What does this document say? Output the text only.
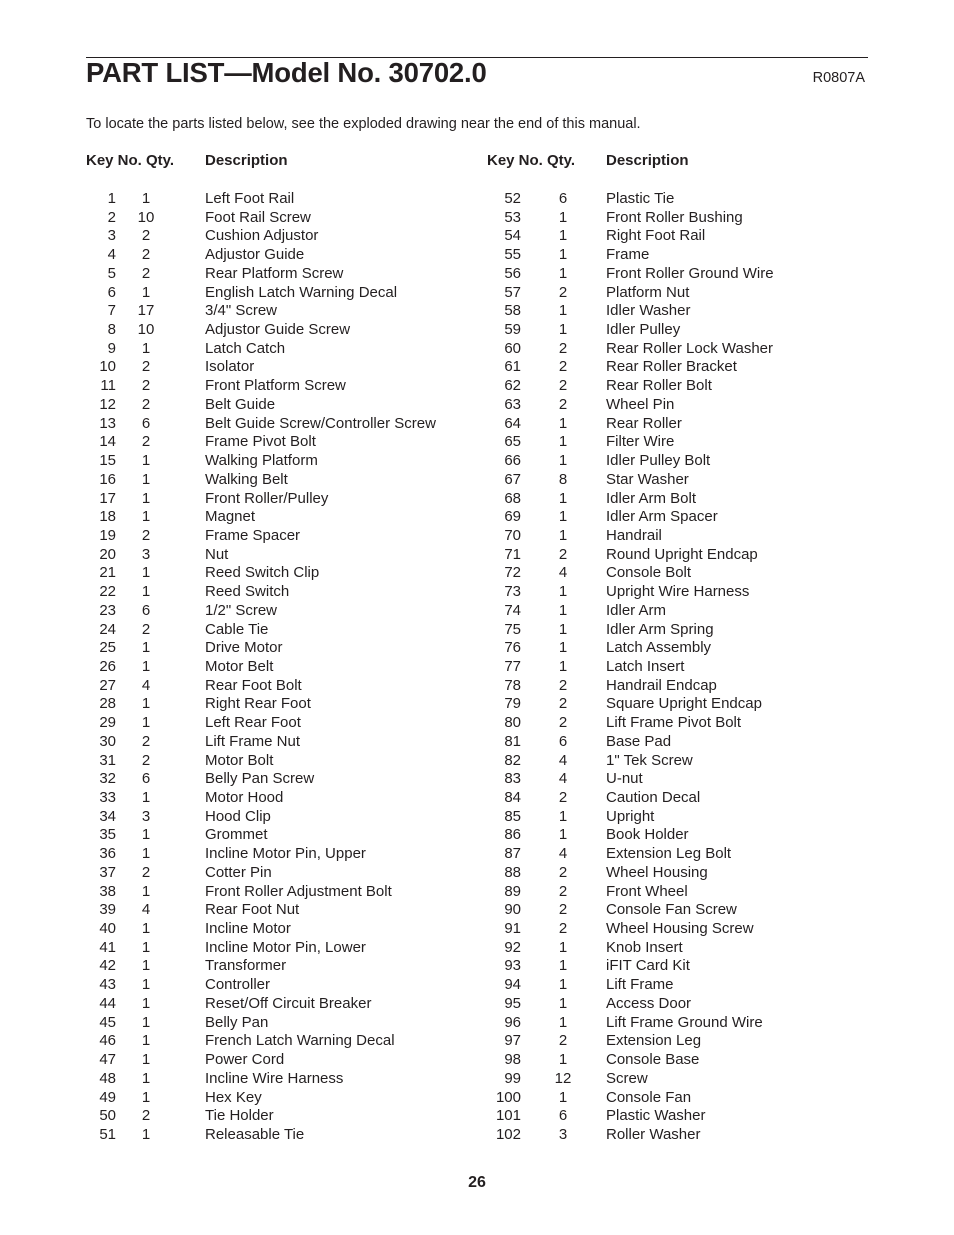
PART LIST—Model No. 30702.0	R0807A
To locate the parts listed below, see the exploded drawing near the end of this manual.
Key No. Qty. Description
1	1	Left Foot Rail
2	10	Foot Rail Screw
3	2	Cushion Adjustor
4	2	Adjustor Guide
5	2	Rear Platform Screw
6	1	English Latch Warning Decal
7	17	3/4" Screw
8	10	Adjustor Guide Screw
9	1	Latch Catch
10	2	Isolator
11	2	Front Platform Screw
12	2	Belt Guide
13	6	Belt Guide Screw/Controller Screw
14	2	Frame Pivot Bolt
15	1	Walking Platform
16	1	Walking Belt
17	1	Front Roller/Pulley
18	1	Magnet
19	2	Frame Spacer
20	3	Nut
21	1	Reed Switch Clip
22	1	Reed Switch
23	6	1/2" Screw
24	2	Cable Tie
25	1	Drive Motor
26	1	Motor Belt
27	4	Rear Foot Bolt
28	1	Right Rear Foot
29	1	Left Rear Foot
30	2	Lift Frame Nut
31	2	Motor Bolt
32	6	Belly Pan Screw
33	1	Motor Hood
34	3	Hood Clip
35	1	Grommet
36	1	Incline Motor Pin, Upper
37	2	Cotter Pin
38	1	Front Roller Adjustment Bolt
39	4	Rear Foot Nut
40	1	Incline Motor
41	1	Incline Motor Pin, Lower
42	1	Transformer
43	1	Controller
44	1	Reset/Off Circuit Breaker
45	1	Belly Pan
46	1	French Latch Warning Decal
47	1	Power Cord
48	1	Incline Wire Harness
49	1	Hex Key
50	2	Tie Holder
51	1	Releasable Tie
Key No. Qty. Description
52	6	Plastic Tie
53	1	Front Roller Bushing
54	1	Right Foot Rail
55	1	Frame
56	1	Front Roller Ground Wire
57	2	Platform Nut
58	1	Idler Washer
59	1	Idler Pulley
60	2	Rear Roller Lock Washer
61	2	Rear Roller Bracket
62	2	Rear Roller Bolt
63	2	Wheel Pin
64	1	Rear Roller
65	1	Filter Wire
66	1	Idler Pulley Bolt
67	8	Star Washer
68	1	Idler Arm Bolt
69	1	Idler Arm Spacer
70	1	Handrail
71	2	Round Upright Endcap
72	4	Console Bolt
73	1	Upright Wire Harness
74	1	Idler Arm
75	1	Idler Arm Spring
76	1	Latch Assembly
77	1	Latch Insert
78	2	Handrail Endcap
79	2	Square Upright Endcap
80	2	Lift Frame Pivot Bolt
81	6	Base Pad
82	4	1" Tek Screw
83	4	U-nut
84	2	Caution Decal
85	1	Upright
86	1	Book Holder
87	4	Extension Leg Bolt
88	2	Wheel Housing
89	2	Front Wheel
90	2	Console Fan Screw
91	2	Wheel Housing Screw
92	1	Knob Insert
93	1	iFIT Card Kit
94	1	Lift Frame
95	1	Access Door
96	1	Lift Frame Ground Wire
97	2	Extension Leg
98	1	Console Base
99	12	Screw
100	1	Console Fan
101	6	Plastic Washer
102	3	Roller Washer
26
